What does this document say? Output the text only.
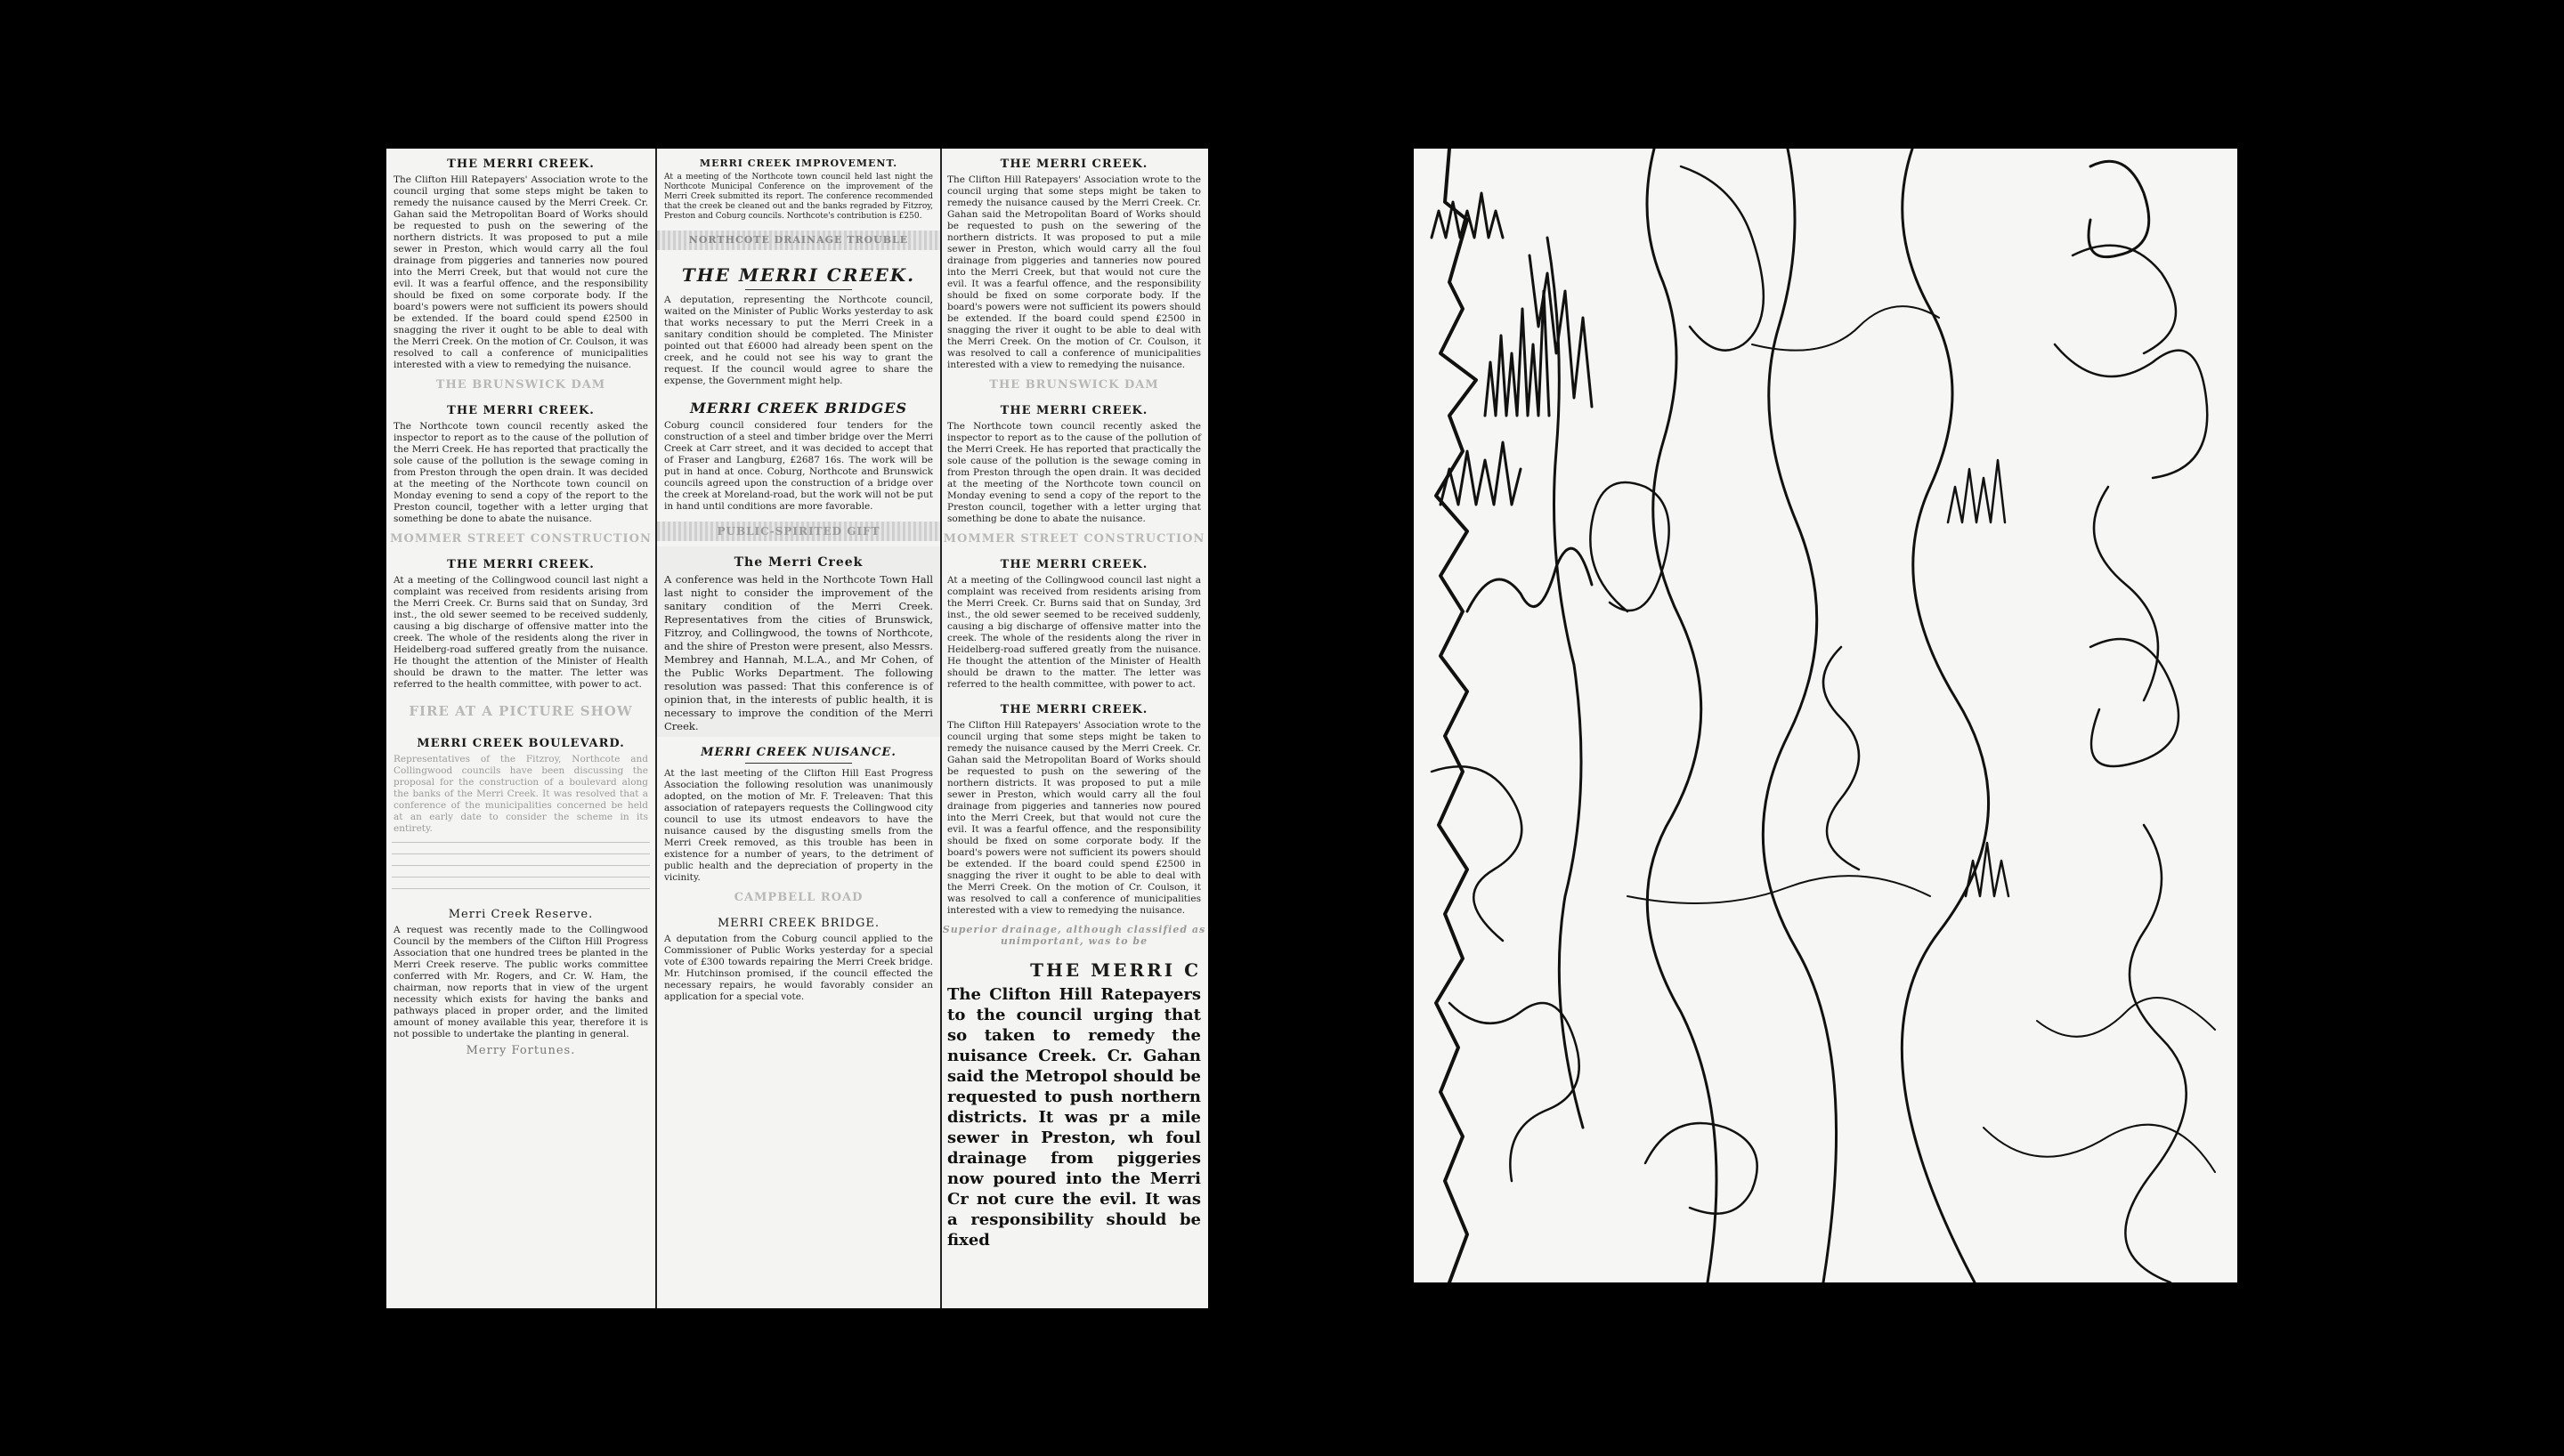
THE MERRI CREEK.
The Clifton Hill Ratepayers' Association wrote to the council urging that some steps might be taken to remedy the nuisance caused by the Merri Creek. Cr. Gahan said the Metropolitan Board of Works should be requested to push on the sewering of the northern districts. It was proposed to put a mile sewer in Preston, which would carry all the foul drainage from piggeries and tanneries now poured into the Merri Creek, but that would not cure the evil. It was a fearful offence, and the responsibility should be fixed on some corporate body. If the board's powers were not sufficient its powers should be extended. If the board could spend £2500 in snagging the river it ought to be able to deal with the Merri Creek. On the motion of Cr. Coulson, it was resolved to call a conference of municipalities interested with a view to remedying the nuisance.
THE BRUNSWICK DAM
THE MERRI CREEK.
The Northcote town council recently asked the inspector to report as to the cause of the pollution of the Merri Creek. He has reported that practically the sole cause of the pollution is the sewage coming in from Preston through the open drain. It was decided at the meeting of the Northcote town council on Monday evening to send a copy of the report to the Preston council, together with a letter urging that something be done to abate the nuisance.
MOMMER STREET CONSTRUCTION
THE MERRI CREEK.
At a meeting of the Collingwood council last night a complaint was received from residents arising from the Merri Creek. Cr. Burns said that on Sunday, 3rd inst., the old sewer seemed to be received suddenly, causing a big discharge of offensive matter into the creek. The whole of the residents along the river in Heidelberg-road suffered greatly from the nuisance. He thought the attention of the Minister of Health should be drawn to the matter. The letter was referred to the health committee, with power to act.
FIRE AT A PICTURE SHOW
MERRI CREEK BOULEVARD.
Representatives of the Fitzroy, Northcote and Collingwood councils have been discussing the proposal for the construction of a boulevard along the banks of the Merri Creek. It was resolved that a conference of the municipalities concerned be held at an early date to consider the scheme in its entirety.
Merri Creek Reserve.
A request was recently made to the Collingwood Council by the members of the Clifton Hill Progress Association that one hundred trees be planted in the Merri Creek reserve. The public works committee conferred with Mr. Rogers, and Cr. W. Ham, the chairman, now reports that in view of the urgent necessity which exists for having the banks and pathways placed in proper order, and the limited amount of money available this year, therefore it is not possible to undertake the planting in general.
Merry Fortunes.
MERRI CREEK IMPROVEMENT.
At a meeting of the Northcote town council held last night the Northcote Municipal Conference on the improvement of the Merri Creek submitted its report. The conference recommended that the creek be cleaned out and the banks regraded by Fitzroy, Preston and Coburg councils. Northcote's contribution is £250.
NORTHCOTE DRAINAGE TROUBLE
THE MERRI CREEK.
A deputation, representing the Northcote council, waited on the Minister of Public Works yesterday to ask that works necessary to put the Merri Creek in a sanitary condition should be completed. The Minister pointed out that £6000 had already been spent on the creek, and he could not see his way to grant the request. If the council would agree to share the expense, the Government might help.
MERRI CREEK BRIDGES
Coburg council considered four tenders for the construction of a steel and timber bridge over the Merri Creek at Carr street, and it was decided to accept that of Fraser and Langburg, £2687 16s. The work will be put in hand at once. Coburg, Northcote and Brunswick councils agreed upon the construction of a bridge over the creek at Moreland-road, but the work will not be put in hand until conditions are more favorable.
PUBLIC-SPIRITED GIFT
The Merri Creek
A conference was held in the Northcote Town Hall last night to consider the improvement of the sanitary condition of the Merri Creek. Representatives from the cities of Brunswick, Fitzroy, and Collingwood, the towns of Northcote, and the shire of Preston were present, also Messrs. Membrey and Hannah, M.L.A., and Mr Cohen, of the Public Works Department. The following resolution was passed: That this conference is of opinion that, in the interests of public health, it is necessary to improve the condition of the Merri Creek.
MERRI CREEK NUISANCE.
At the last meeting of the Clifton Hill East Progress Association the following resolution was unanimously adopted, on the motion of Mr. F. Treleaven: That this association of ratepayers requests the Collingwood city council to use its utmost endeavors to have the nuisance caused by the disgusting smells from the Merri Creek removed, as this trouble has been in existence for a number of years, to the detriment of public health and the depreciation of property in the vicinity.
CAMPBELL ROAD
MERRI CREEK BRIDGE.
A deputation from the Coburg council applied to the Commissioner of Public Works yesterday for a special vote of £300 towards repairing the Merri Creek bridge. Mr. Hutchinson promised, if the council effected the necessary repairs, he would favorably consider an application for a special vote.
THE MERRI CREEK.
The Clifton Hill Ratepayers' Association wrote to the council urging that some steps might be taken to remedy the nuisance caused by the Merri Creek. Cr. Gahan said the Metropolitan Board of Works should be requested to push on the sewering of the northern districts. It was proposed to put a mile sewer in Preston, which would carry all the foul drainage from piggeries and tanneries now poured into the Merri Creek, but that would not cure the evil. It was a fearful offence, and the responsibility should be fixed on some corporate body. If the board's powers were not sufficient its powers should be extended. If the board could spend £2500 in snagging the river it ought to be able to deal with the Merri Creek. On the motion of Cr. Coulson, it was resolved to call a conference of municipalities interested with a view to remedying the nuisance.
THE BRUNSWICK DAM
THE MERRI CREEK.
The Northcote town council recently asked the inspector to report as to the cause of the pollution of the Merri Creek. He has reported that practically the sole cause of the pollution is the sewage coming in from Preston through the open drain. It was decided at the meeting of the Northcote town council on Monday evening to send a copy of the report to the Preston council, together with a letter urging that something be done to abate the nuisance.
MOMMER STREET CONSTRUCTION
THE MERRI CREEK.
At a meeting of the Collingwood council last night a complaint was received from residents arising from the Merri Creek. Cr. Burns said that on Sunday, 3rd inst., the old sewer seemed to be received suddenly, causing a big discharge of offensive matter into the creek. The whole of the residents along the river in Heidelberg-road suffered greatly from the nuisance. He thought the attention of the Minister of Health should be drawn to the matter. The letter was referred to the health committee, with power to act.
THE MERRI CREEK.
The Clifton Hill Ratepayers' Association wrote to the council urging that some steps might be taken to remedy the nuisance caused by the Merri Creek. Cr. Gahan said the Metropolitan Board of Works should be requested to push on the sewering of the northern districts. It was proposed to put a mile sewer in Preston, which would carry all the foul drainage from piggeries and tanneries now poured into the Merri Creek, but that would not cure the evil. It was a fearful offence, and the responsibility should be fixed on some corporate body. If the board's powers were not sufficient its powers should be extended. If the board could spend £2500 in snagging the river it ought to be able to deal with the Merri Creek. On the motion of Cr. Coulson, it was resolved to call a conference of municipalities interested with a view to remedying the nuisance.
Superior drainage, although classified as unimportant, was to be
THE MERRI C
The Clifton Hill Ratepayers to the council urging that so taken to remedy the nuisance Creek. Cr. Gahan said the Metropol should be requested to push northern districts. It was pr a mile sewer in Preston, wh foul drainage from piggeries now poured into the Merri Cr not cure the evil. It was a responsibility should be fixed
